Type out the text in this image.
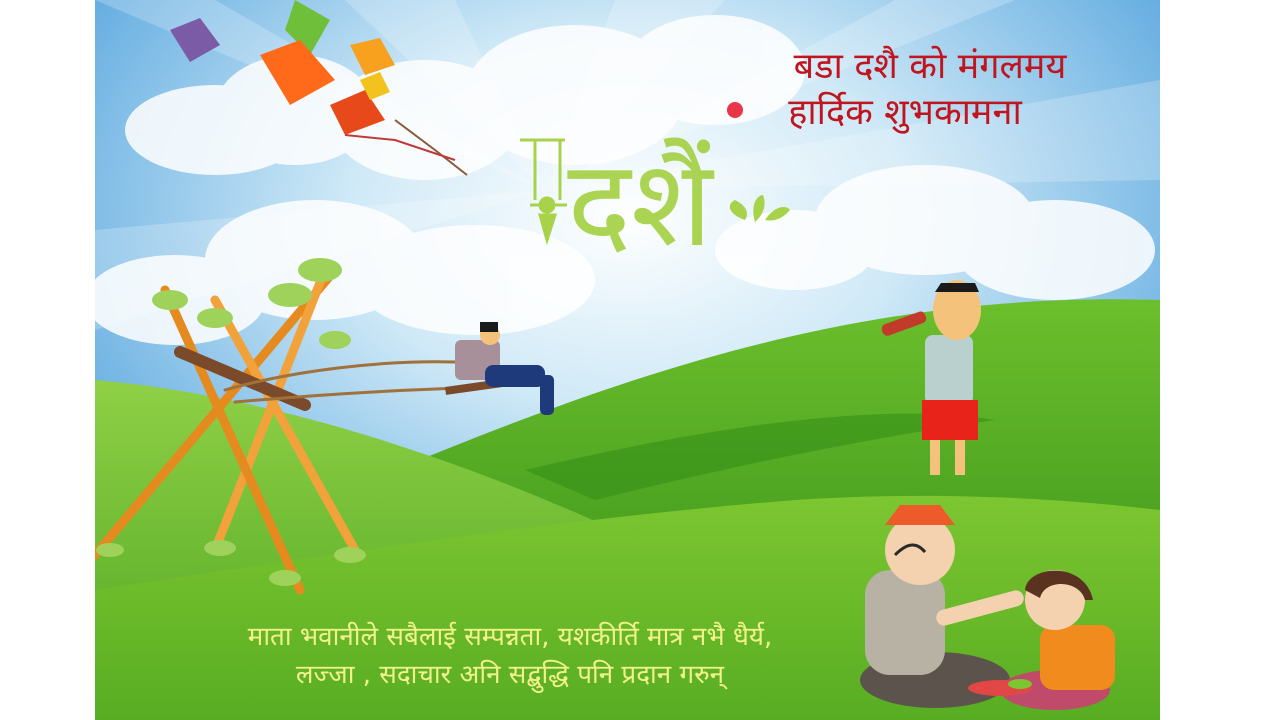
दशैं
बडा दशै को मंगलमय

हार्दिक शुभकामना
माता भवानीले सबैलाई सम्पन्नता, यशकीर्ति मात्र नभै धैर्य,
लज्जा , सदाचार अनि सद्बुद्धि पनि प्रदान गरुन्
